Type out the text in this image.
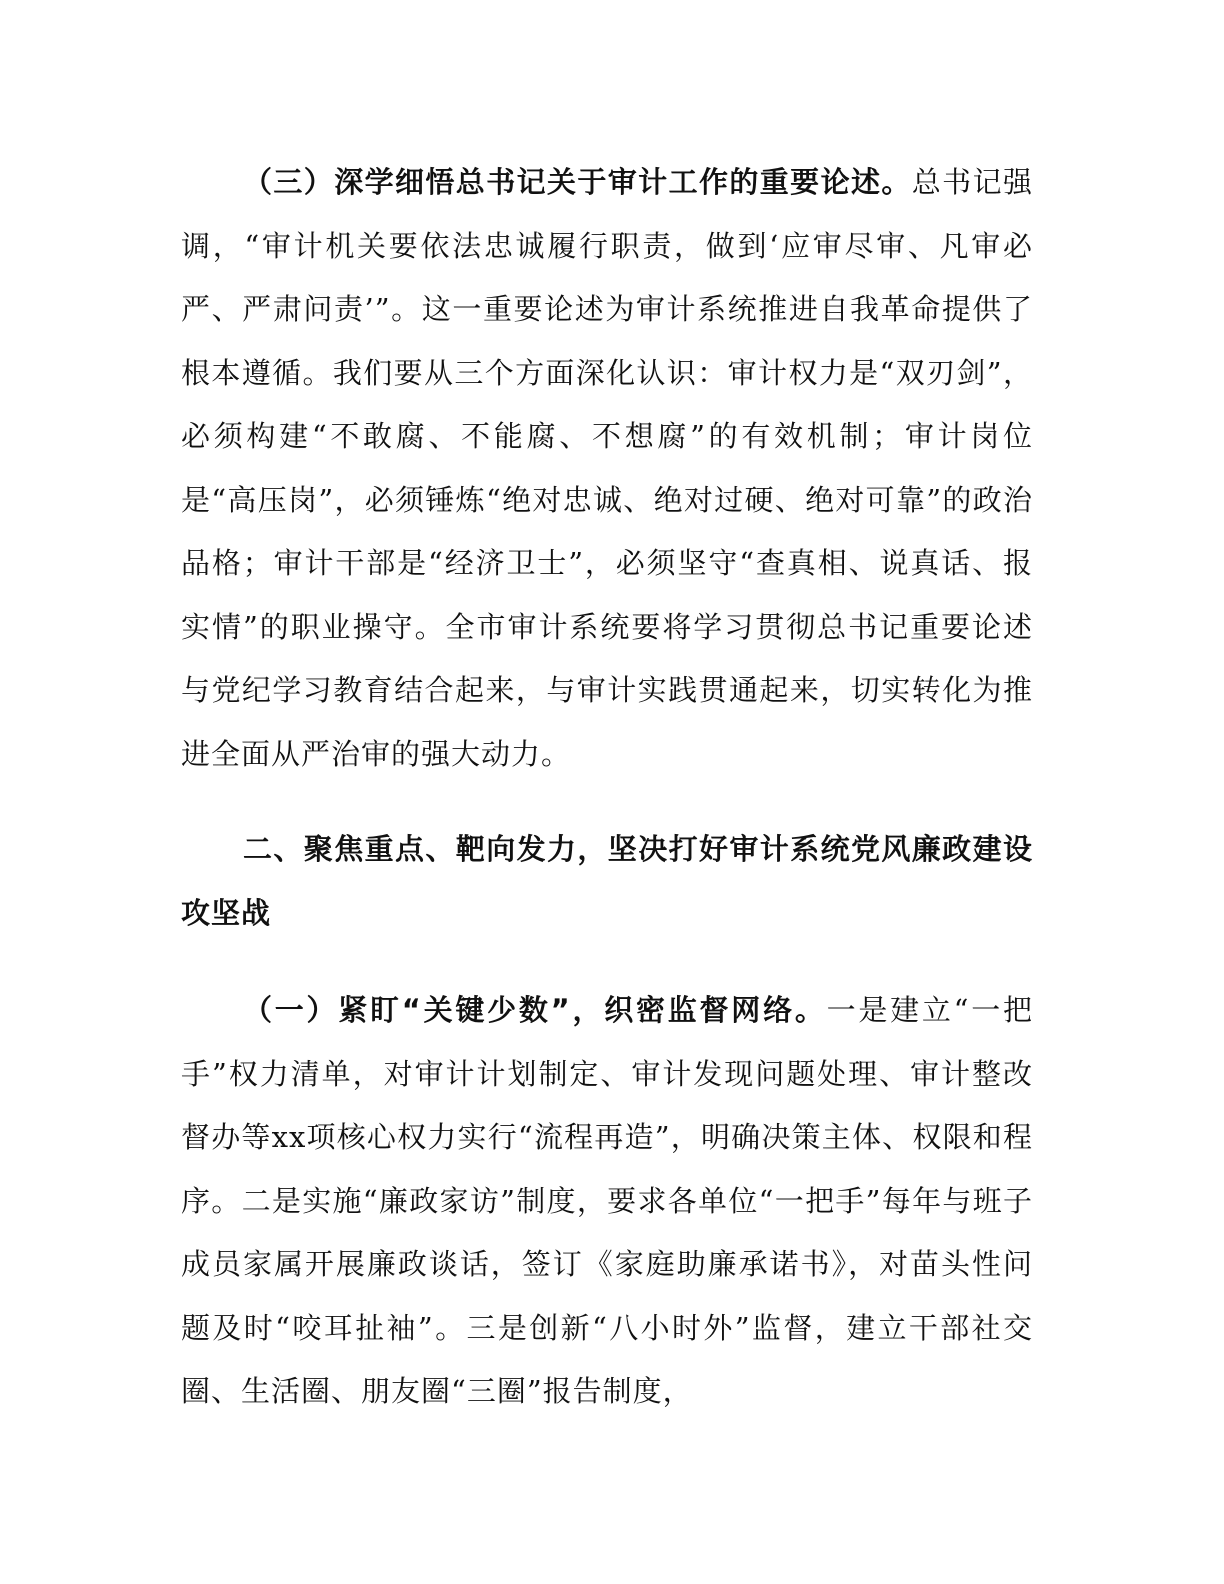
（三）深学细悟总书记关于审计工作的重要论述。总书记强调，“审计机关要依法忠诚履行职责，做到‘应审尽审、凡审必严、严肃问责’”。这一重要论述为审计系统推进自我革命提供了根本遵循。我们要从三个方面深化认识：审计权力是“双刃剑”，必须构建“不敢腐、不能腐、不想腐”的有效机制；审计岗位是“高压岗”，必须锤炼“绝对忠诚、绝对过硬、绝对可靠”的政治品格；审计干部是“经济卫士”，必须坚守“查真相、说真话、报实情”的职业操守。全市审计系统要将学习贯彻总书记重要论述与党纪学习教育结合起来，与审计实践贯通起来，切实转化为推进全面从严治审的强大动力。

二、聚焦重点、靶向发力，坚决打好审计系统党风廉政建设攻坚战

（一）紧盯“关键少数”，织密监督网络。一是建立“一把手”权力清单，对审计计划制定、审计发现问题处理、审计整改督办等xx项核心权力实行“流程再造”，明确决策主体、权限和程序。二是实施“廉政家访”制度，要求各单位“一把手”每年与班子成员家属开展廉政谈话，签订《家庭助廉承诺书》，对苗头性问题及时“咬耳扯袖”。三是创新“八小时外”监督，建立干部社交圈、生活圈、朋友圈“三圈”报告制度，
